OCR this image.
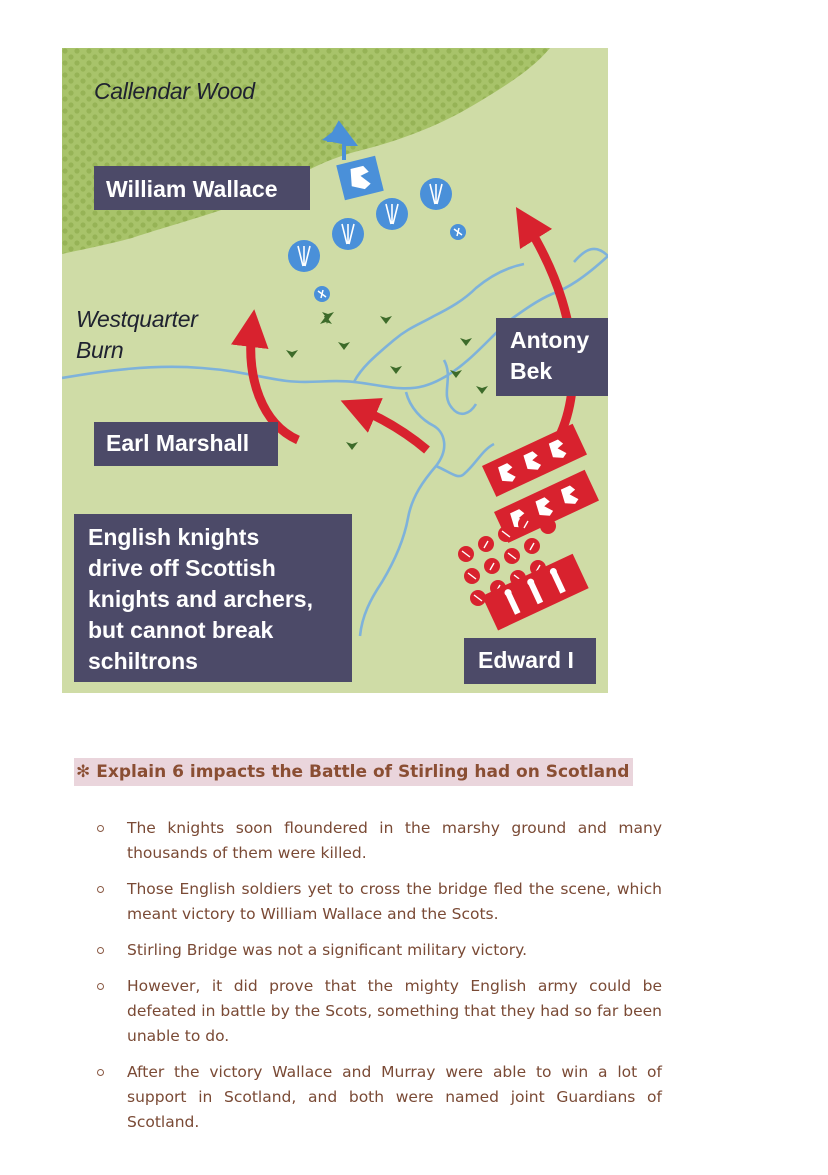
Callendar Wood
Westquarter
Burn
William Wallace
Antony
Bek
Earl Marshall
English knights
drive off Scottish
knights and archers,
but cannot break
schiltrons	Edward I
✻ Explain 6 impacts the Battle of Stirling had on Scotland
The knights soon floundered in the marshy ground and many thousands of them were killed.
Those English soldiers yet to cross the bridge fled the scene, which meant victory to William Wallace and the Scots.
Stirling Bridge was not a significant military victory.
However, it did prove that the mighty English army could be defeated in battle by the Scots, something that they had so far been unable to do.
After the victory Wallace and Murray were able to win a lot of support in Scotland, and both were named joint Guardians of Scotland.
